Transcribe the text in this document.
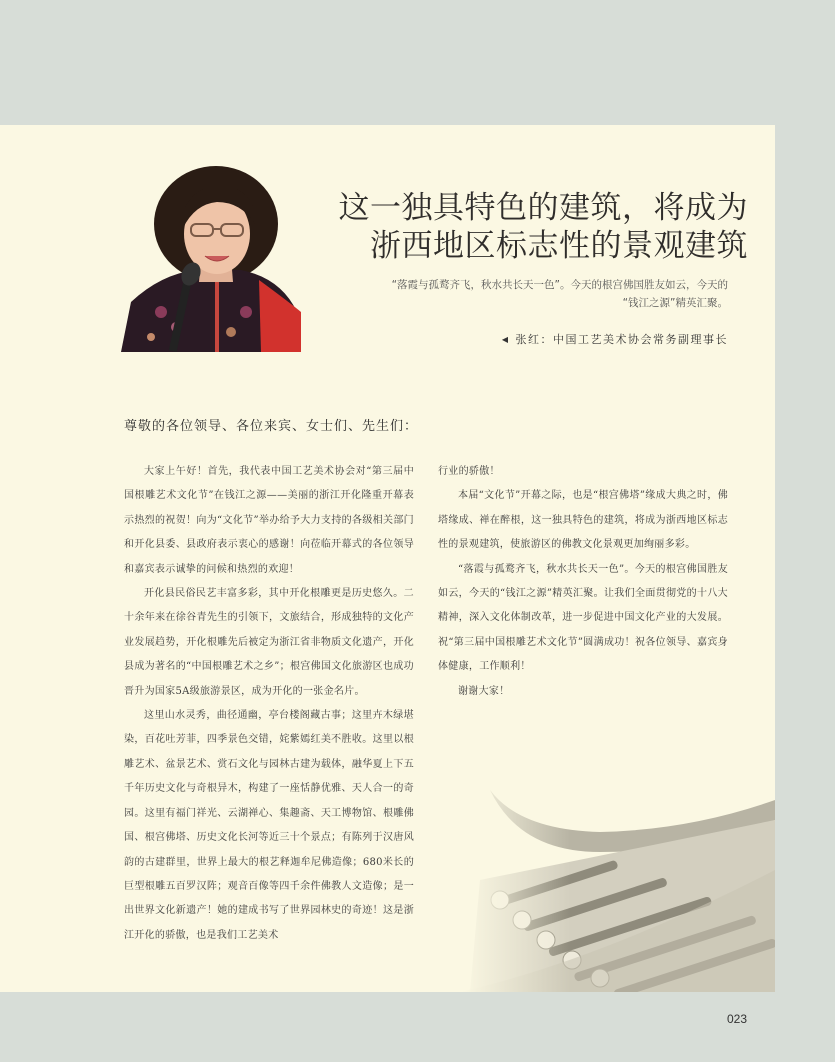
这一独具特色的建筑，将成为
浙西地区标志性的景观建筑
“落霞与孤鹜齐飞，秋水共长天一色”。今天的根宫佛国胜友如云，今天的
“钱江之源”精英汇聚。
◀ 张红：中国工艺美术协会常务副理事长
尊敬的各位领导、各位来宾、女士们、先生们：

大家上午好！首先，我代表中国工艺美术协会对“第三届中国根雕艺术文化节”在钱江之源——美丽的浙江开化隆重开幕表示热烈的祝贺！向为“文化节”举办给予大力支持的各级相关部门和开化县委、县政府表示衷心的感谢！向莅临开幕式的各位领导和嘉宾表示诚挚的问候和热烈的欢迎！

开化县民俗民艺丰富多彩，其中开化根雕更是历史悠久。二十余年来在徐谷青先生的引领下，文旅结合，形成独特的文化产业发展趋势，开化根雕先后被定为浙江省非物质文化遗产，开化县成为著名的“中国根雕艺术之乡”；根宫佛国文化旅游区也成功晋升为国家5A级旅游景区，成为开化的一张金名片。

这里山水灵秀，曲径通幽，亭台楼阁藏古事；这里卉木绿堪染，百花吐芳菲，四季景色交错，姹紫嫣红美不胜收。这里以根雕艺术、盆景艺术、赏石文化与园林古建为载体，融华夏上下五千年历史文化与奇根异木，构建了一座恬静优雅、天人合一的奇园。这里有福门祥光、云湖禅心、集趣斋、天工博物馆、根雕佛国、根宫佛塔、历史文化长河等近三十个景点；有陈列于汉唐风韵的古建群里，世界上最大的根艺释迦牟尼佛造像；680米长的巨型根雕五百罗汉阵；观音百像等四千余件佛教人文造像；是一出世界文化新遗产！她的建成书写了世界园林史的奇迹！这是浙江开化的骄傲，也是我们工艺美术

行业的骄傲！

本届“文化节”开幕之际，也是“根宫佛塔”缘成大典之时，佛塔缘成、禅在醉根，这一独具特色的建筑，将成为浙西地区标志性的景观建筑，使旅游区的佛教文化景观更加绚丽多彩。

“落霞与孤鹜齐飞，秋水共长天一色”。今天的根宫佛国胜友如云，今天的“钱江之源”精英汇聚。让我们全面贯彻党的十八大精神，深入文化体制改革，进一步促进中国文化产业的大发展。祝“第三届中国根雕艺术文化节”圆满成功！祝各位领导、嘉宾身体健康，工作顺利！

谢谢大家！

023
